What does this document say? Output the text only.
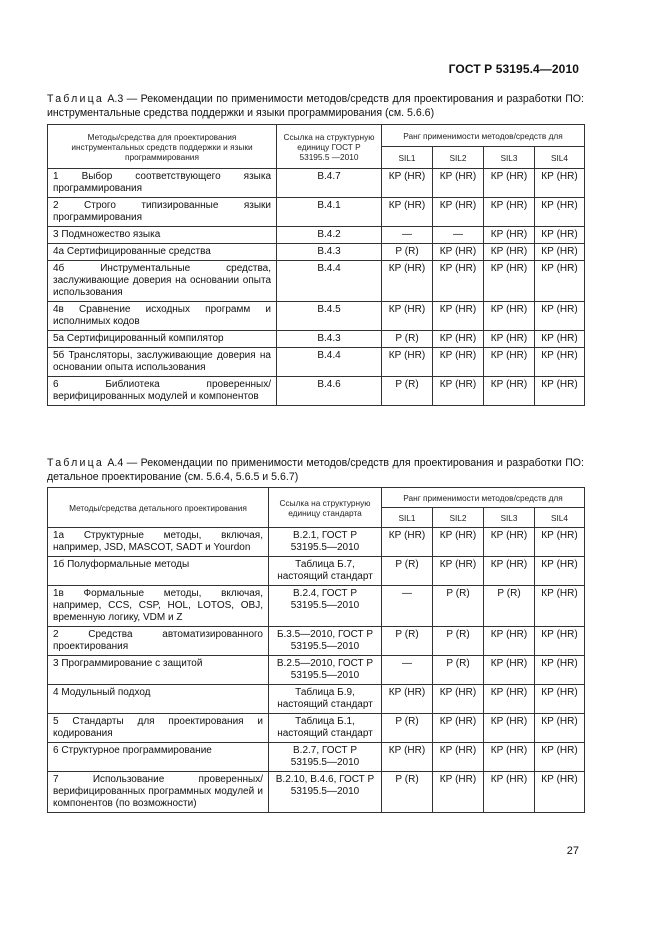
ГОСТ Р 53195.4—2010
Таблица А.3 — Рекомендации по применимости методов/средств для проектирования и разработки ПО: инструментальные средства поддержки и языки программирования (см. 5.6.6)
Методы/средства для проектирования инструментальных средств поддержки и языки программирования	Ссылка на структурную единицу ГОСТ Р 53195.5 —2010	Ранг применимости методов/средств для			
		SIL1	SIL2	SIL3	SIL4
1 Выбор соответствующего языка программирования	B.4.7	КР (HR)	КР (HR)	КР (HR)	КР (HR)
2 Строго типизированные языки программирования	B.4.1	КР (HR)	КР (HR)	КР (HR)	КР (HR)
3 Подмножество языка	B.4.2	—	—	КР (HR)	КР (HR)
4а Сертифицированные средства	B.4.3	Р (R)	КР (HR)	КР (HR)	КР (HR)
4б Инструментальные средства, заслуживающие доверия на основании опыта использования	B.4.4	КР (HR)	КР (HR)	КР (HR)	КР (HR)
4в Сравнение исходных программ и исполнимых кодов	B.4.5	КР (HR)	КР (HR)	КР (HR)	КР (HR)
5а Сертифицированный компилятор	B.4.3	Р (R)	КР (HR)	КР (HR)	КР (HR)
5б Трансляторы, заслуживающие доверия на основании опыта использования	B.4.4	КР (HR)	КР (HR)	КР (HR)	КР (HR)
6 Библиотека проверенных/верифицированных модулей и компонентов	B.4.6	Р (R)	КР (HR)	КР (HR)	КР (HR)
Таблица А.4 — Рекомендации по применимости методов/средств для проектирования и разработки ПО: детальное проектирование (см. 5.6.4, 5.6.5 и 5.6.7)
Методы/средства детального проектирования	Ссылка на структурную единицу стандарта	Ранг применимости методов/средств для			
		SIL1	SIL2	SIL3	SIL4
1а Структурные методы, включая, например, JSD, MASCOT, SADT и Yourdon	B.2.1, ГОСТ Р 53195.5—2010	КР (HR)	КР (HR)	КР (HR)	КР (HR)
1б Полуформальные методы	Таблица Б.7, настоящий стандарт	Р (R)	КР (HR)	КР (HR)	КР (HR)
1в Формальные методы, включая, например, CCS, CSP, HOL, LOTOS, OBJ, временную логику, VDM и Z	B.2.4, ГОСТ Р 53195.5—2010	—	Р (R)	Р (R)	КР (HR)
2 Средства автоматизированного проектирования	Б.3.5—2010, ГОСТ Р 53195.5—2010	Р (R)	Р (R)	КР (HR)	КР (HR)
3 Программирование с защитой	B.2.5—2010, ГОСТ Р 53195.5—2010	—	Р (R)	КР (HR)	КР (HR)
4 Модульный подход	Таблица Б.9, настоящий стандарт	КР (HR)	КР (HR)	КР (HR)	КР (HR)
5 Стандарты для проектирования и кодирования	Таблица Б.1, настоящий стандарт	Р (R)	КР (HR)	КР (HR)	КР (HR)
6 Структурное программирование	B.2.7, ГОСТ Р 53195.5—2010	КР (HR)	КР (HR)	КР (HR)	КР (HR)
7 Использование проверенных/верифицированных программных модулей и компонентов (по возможности)	B.2.10, B.4.6, ГОСТ Р 53195.5—2010	Р (R)	КР (HR)	КР (HR)	КР (HR)
27
